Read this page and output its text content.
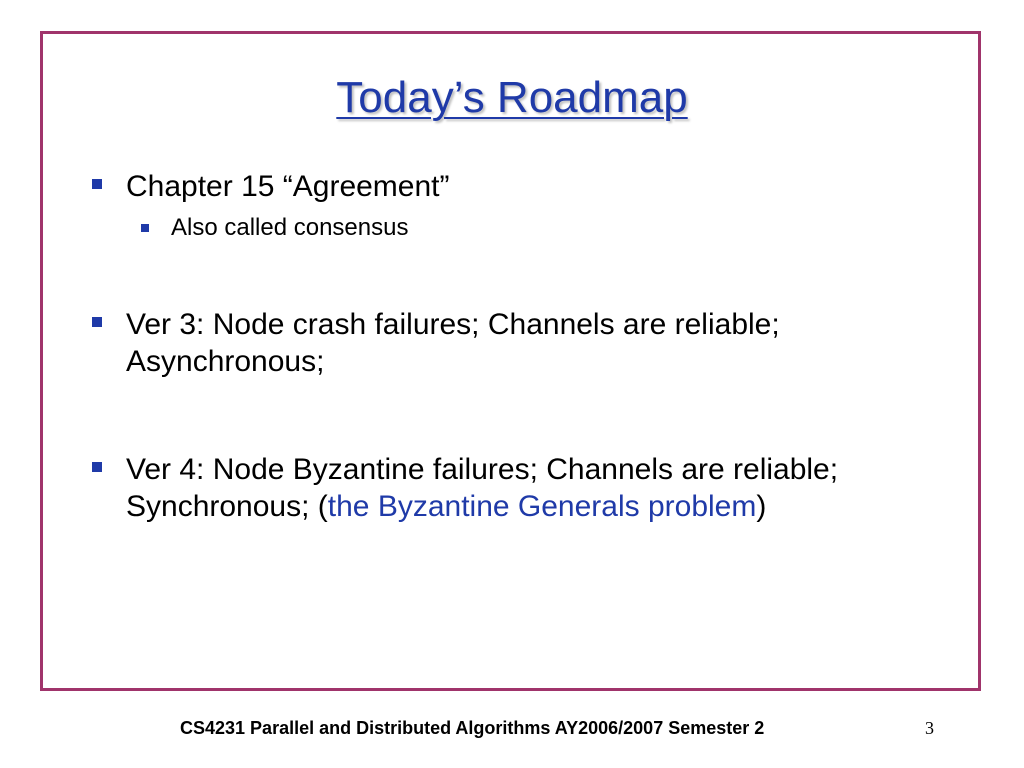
Today’s Roadmap
Chapter 15 “Agreement”
Also called consensus
Ver 3: Node crash failures; Channels are reliable;
Asynchronous;
Ver 4: Node Byzantine failures; Channels are reliable;
Synchronous; (the Byzantine Generals problem)
CS4231 Parallel and Distributed Algorithms AY2006/2007 Semester 2	3
